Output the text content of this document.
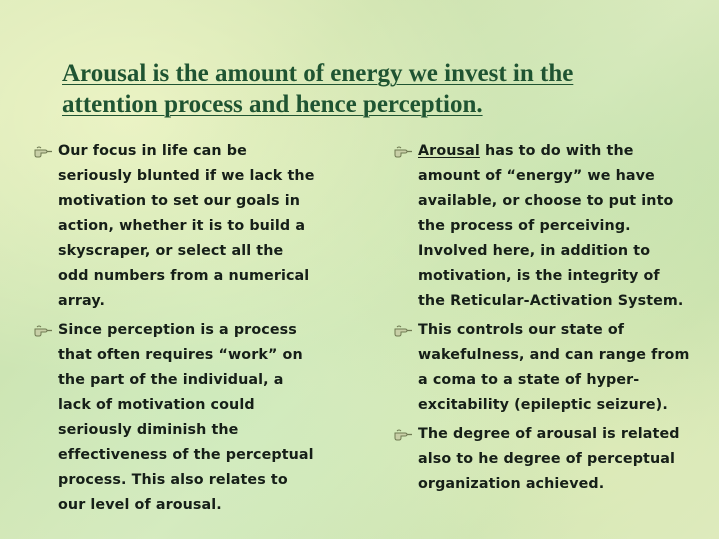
Arousal is the amount of energy we invest in the
attention process and hence perception.
Our focus in life can be
seriously blunted if we lack the
motivation to set our goals in
action, whether it is to build a
skyscraper, or select all the
odd numbers from a numerical
array.
Since perception is a process
that often requires “work” on
the part of the individual, a
lack of motivation could
seriously diminish the
effectiveness of the perceptual
process. This also relates to
our level of arousal.
Arousal has to do with the
amount of “energy” we have
available, or choose to put into
the process of perceiving.
Involved here, in addition to
motivation, is the integrity of
the Reticular-Activation System.
This controls our state of
wakefulness, and can range from
a coma to a state of hyper-
excitability (epileptic seizure).
The degree of arousal is related
also to he degree of perceptual
organization achieved.
